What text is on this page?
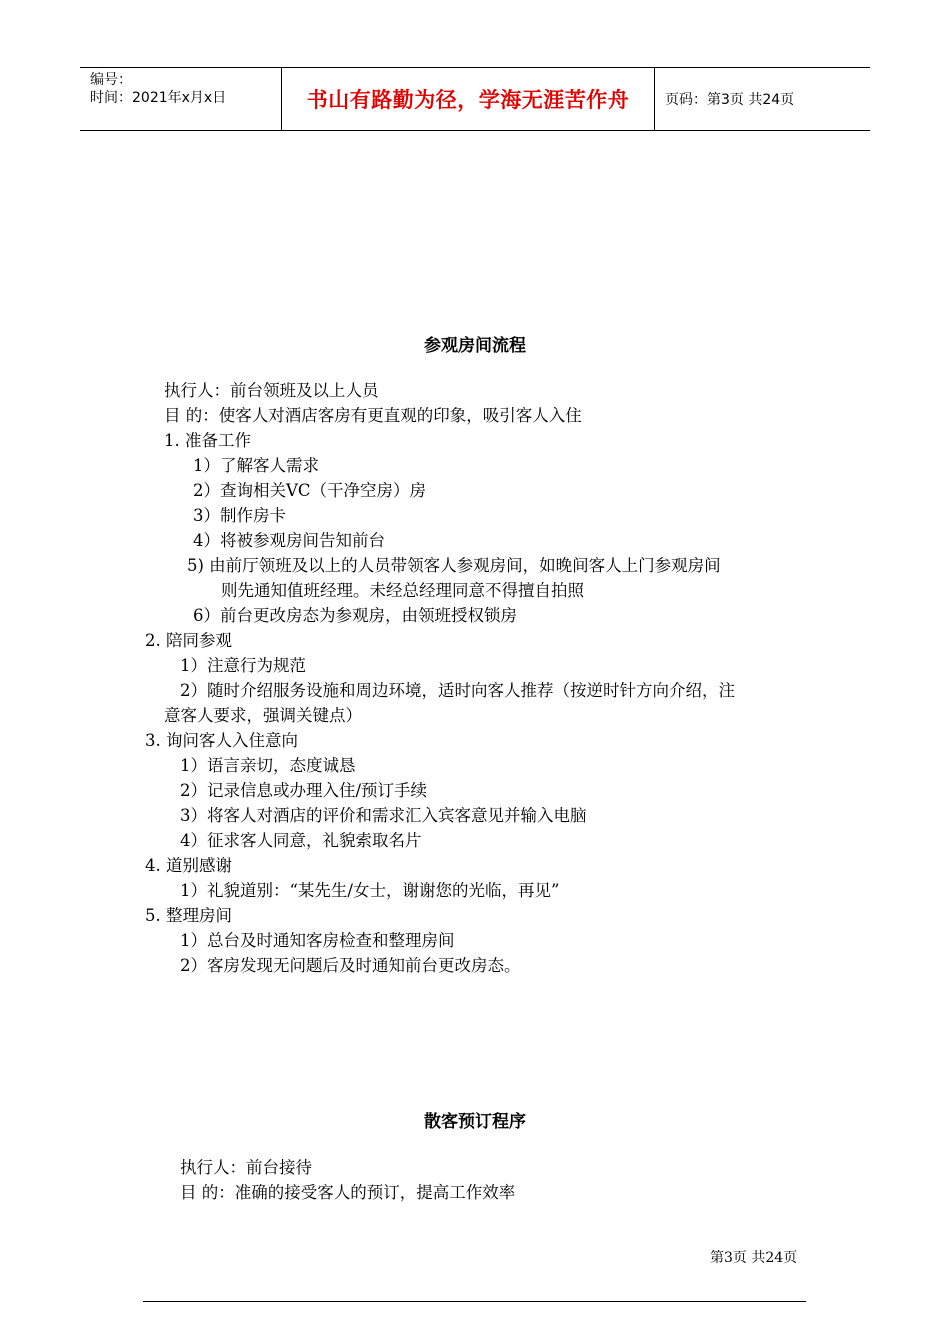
编号：
时间：2021年x月x日	书山有路勤为径，学海无涯苦作舟	页码：第3页 共24页
参观房间流程
执行人：前台领班及以上人员
目 的：使客人对酒店客房有更直观的印象，吸引客人入住
1. 准备工作
1）了解客人需求
2）查询相关VC（干净空房）房
3）制作房卡
4）将被参观房间告知前台
5) 由前厅领班及以上的人员带领客人参观房间，如晚间客人上门参观房间
则先通知值班经理。未经总经理同意不得擅自拍照
6）前台更改房态为参观房，由领班授权锁房
2. 陪同参观
1）注意行为规范
2）随时介绍服务设施和周边环境，适时向客人推荐（按逆时针方向介绍，注
意客人要求，强调关键点）
3. 询问客人入住意向
1）语言亲切，态度诚恳
2）记录信息或办理入住/预订手续
3）将客人对酒店的评价和需求汇入宾客意见并输入电脑
4）征求客人同意，礼貌索取名片
4. 道别感谢
1）礼貌道别：“某先生/女士，谢谢您的光临，再见”
5. 整理房间
1）总台及时通知客房检查和整理房间
2）客房发现无问题后及时通知前台更改房态。
散客预订程序
执行人：前台接待
目 的：准确的接受客人的预订，提高工作效率
第3页 共24页
